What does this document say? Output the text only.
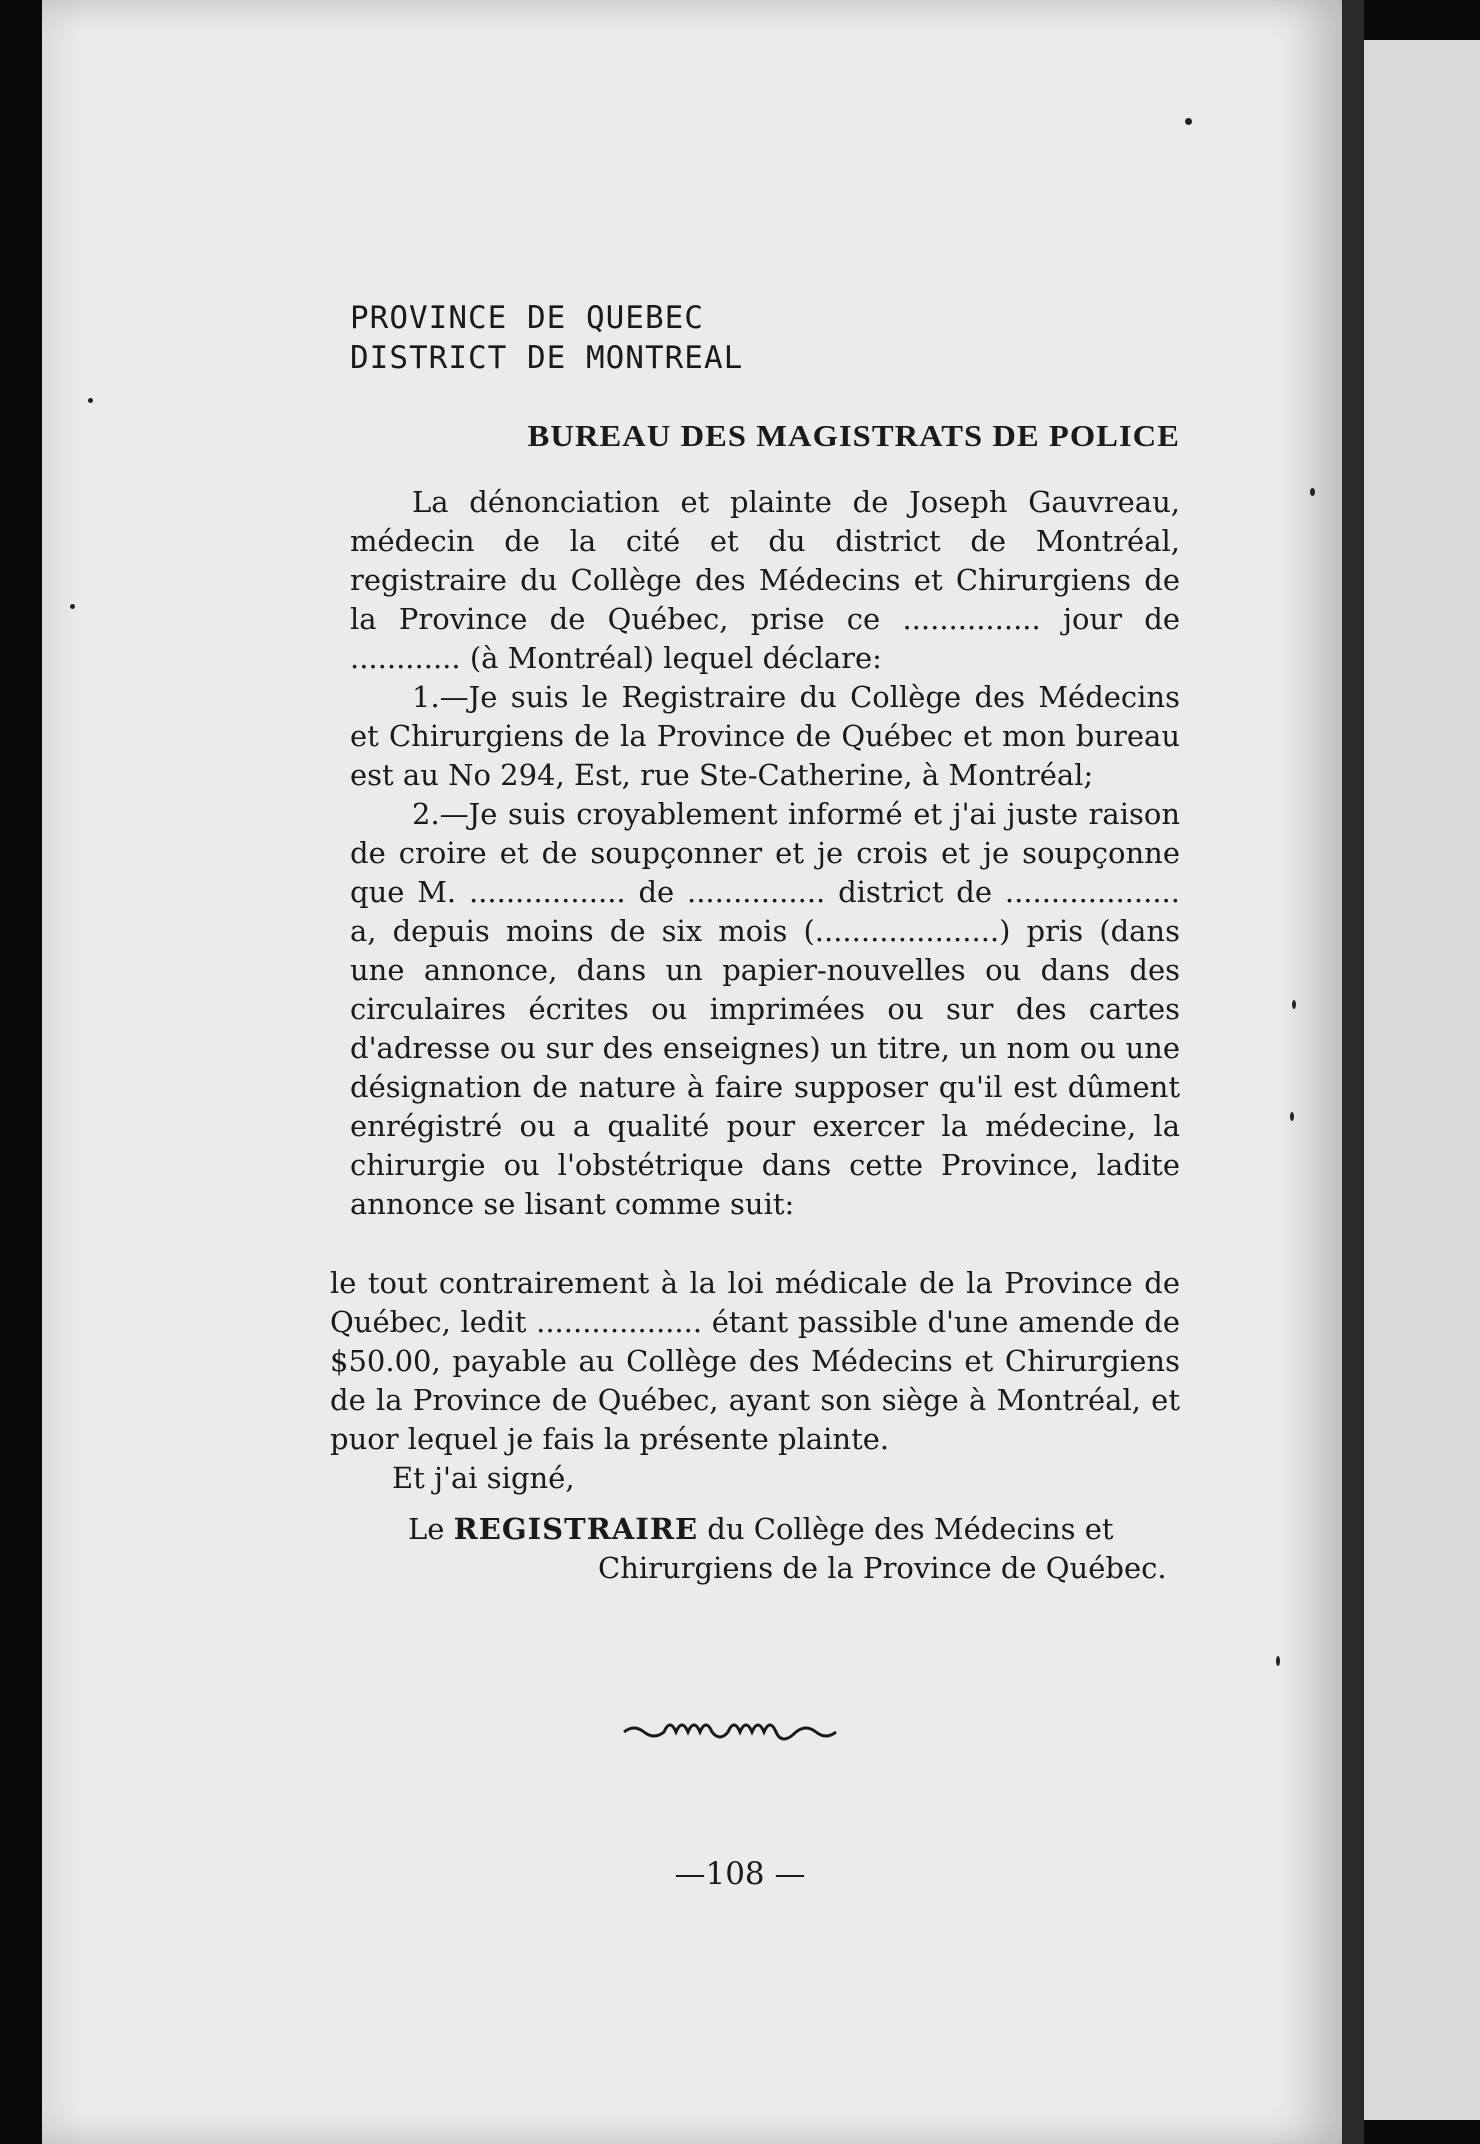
PROVINCE DE QUEBEC
DISTRICT DE MONTREAL
BUREAU DES MAGISTRATS DE POLICE

La dénonciation et plainte de Joseph Gauvreau, médecin de la cité et du district de Montréal, registraire du Collège des Médecins et Chirurgiens de la Province de Québec, prise ce ............... jour de ............ (à Montréal) lequel déclare:

1.—Je suis le Registraire du Collège des Médecins et Chirurgiens de la Province de Québec et mon bureau est au No 294, Est, rue Ste-Catherine, à Montréal;

2.—Je suis croyablement informé et j'ai juste raison de croire et de soupçonner et je crois et je soupçonne que M. ................. de ............... district de ................... a, depuis moins de six mois (....................) pris (dans une annonce, dans un papier-nouvelles ou dans des circulaires écrites ou imprimées ou sur des cartes d'adresse ou sur des enseignes) un titre, un nom ou une désignation de nature à faire supposer qu'il est dûment enrégistré ou a qualité pour exercer la médecine, la chirurgie ou l'obstétrique dans cette Province, ladite annonce se lisant comme suit:

le tout contrairement à la loi médicale de la Province de Québec, ledit .................. étant passible d'une amende de $50.00, payable au Collège des Médecins et Chirurgiens de la Province de Québec, ayant son siège à Montréal, et puor lequel je fais la présente plainte.

Et j'ai signé,

Le REGISTRAIRE du Collège des Médecins et
Chirurgiens de la Province de Québec.
—108 —
